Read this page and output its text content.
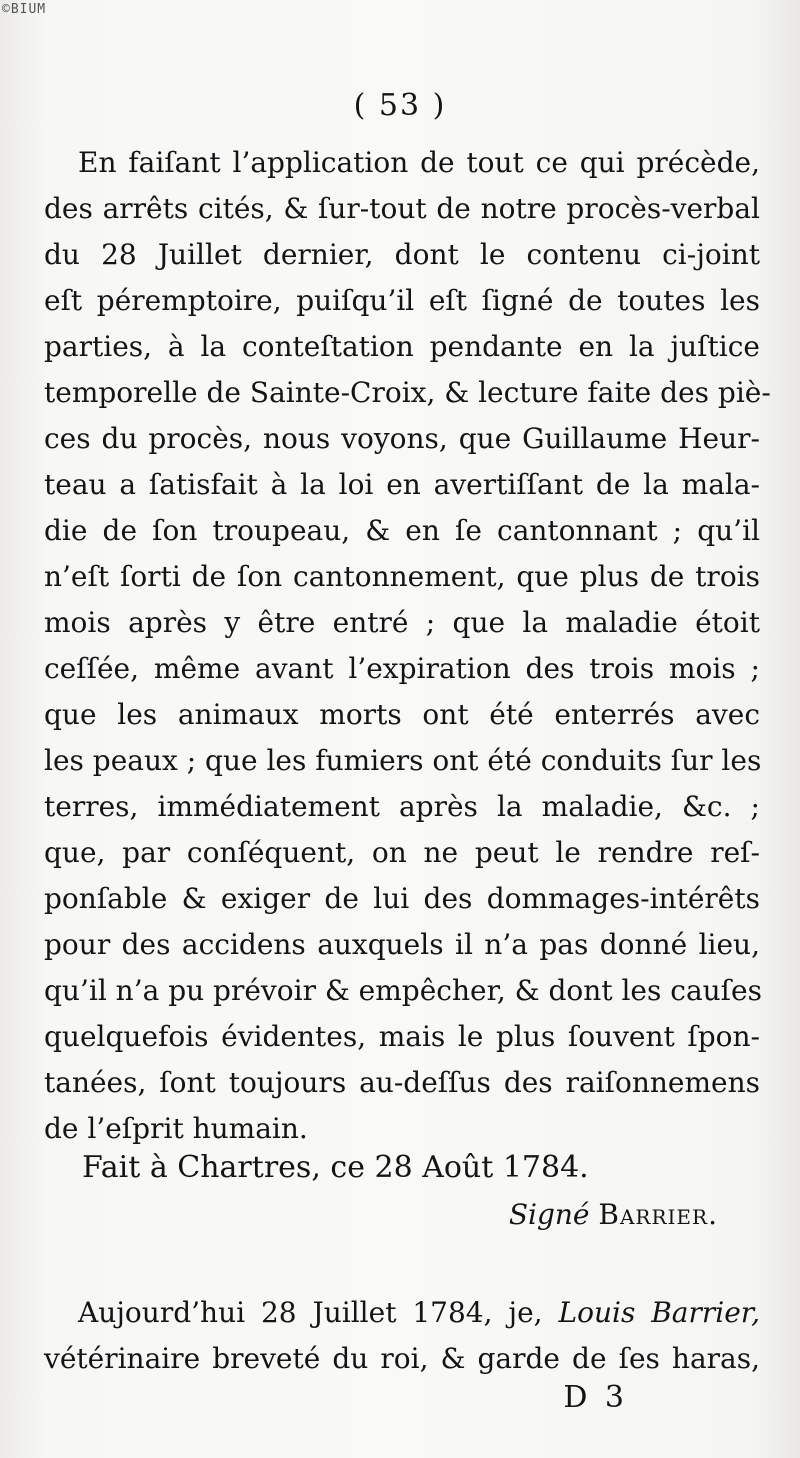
©BIUM
( 53 )
En faiſant l’application de tout ce qui précède,
des arrêts cités, & ſur-tout de notre procès-verbal
du 28 Juillet dernier, dont le contenu ci-joint
eſt péremptoire, puiſqu’il eſt ſigné de toutes les
parties, à la conteſtation pendante en la juſtice
temporelle de Sainte-Croix, & lecture faite des piè-
ces du procès, nous voyons, que Guillaume Heur-
teau a ſatisfait à la loi en avertiſſant de la mala-
die de ſon troupeau, & en ſe cantonnant ; qu’il
n’eſt ſorti de ſon cantonnement, que plus de trois
mois après y être entré ; que la maladie étoit
ceſſée, même avant l’expiration des trois mois ;
que les animaux morts ont été enterrés avec
les peaux ; que les fumiers ont été conduits ſur les
terres, immédiatement après la maladie, &c. ;
que, par conſéquent, on ne peut le rendre reſ-
ponſable & exiger de lui des dommages-intérêts
pour des accidens auxquels il n’a pas donné lieu,
qu’il n’a pu prévoir & empêcher, & dont les cauſes
quelquefois évidentes, mais le plus ſouvent ſpon-
tanées, ſont toujours au-deſſus des raiſonnemens
de l’eſprit humain.
Fait à Chartres, ce 28 Août 1784.
Signé Barrier.
Aujourd’hui 28 Juillet 1784, je, Louis Barrier,
vétérinaire breveté du roi, & garde de ſes haras,
D 3
